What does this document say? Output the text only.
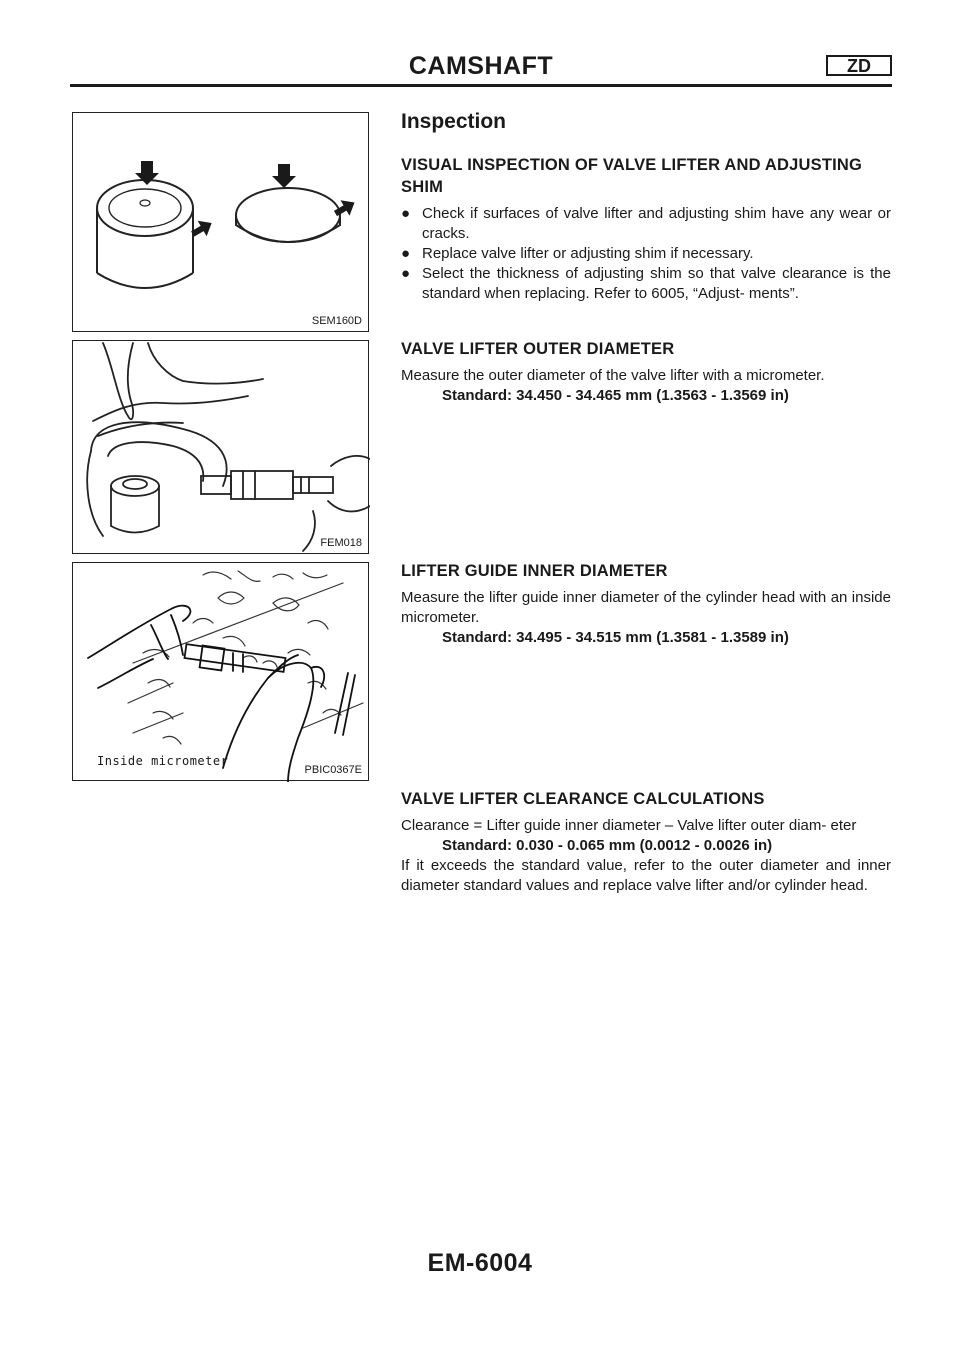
CAMSHAFT	ZD
SEM160D
FEM018
Inside micrometer
PBIC0367E
Inspection
VISUAL INSPECTION OF VALVE LIFTER AND ADJUSTING SHIM
● Check if surfaces of valve lifter and adjusting shim have any wear or cracks.
● Replace valve lifter or adjusting shim if necessary.
● Select the thickness of adjusting shim so that valve clearance is the standard when replacing. Refer to 6005, “Adjust- ments”.
VALVE LIFTER OUTER DIAMETER
Measure the outer diameter of the valve lifter with a micrometer.
Standard: 34.450 - 34.465 mm (1.3563 - 1.3569 in)
LIFTER GUIDE INNER DIAMETER
Measure the lifter guide inner diameter of the cylinder head with an inside micrometer.
Standard: 34.495 - 34.515 mm (1.3581 - 1.3589 in)
VALVE LIFTER CLEARANCE CALCULATIONS
Clearance = Lifter guide inner diameter – Valve lifter outer diam- eter
Standard: 0.030 - 0.065 mm (0.0012 - 0.0026 in)
If it exceeds the standard value, refer to the outer diameter and inner diameter standard values and replace valve lifter and/or cylinder head.
EM-6004
